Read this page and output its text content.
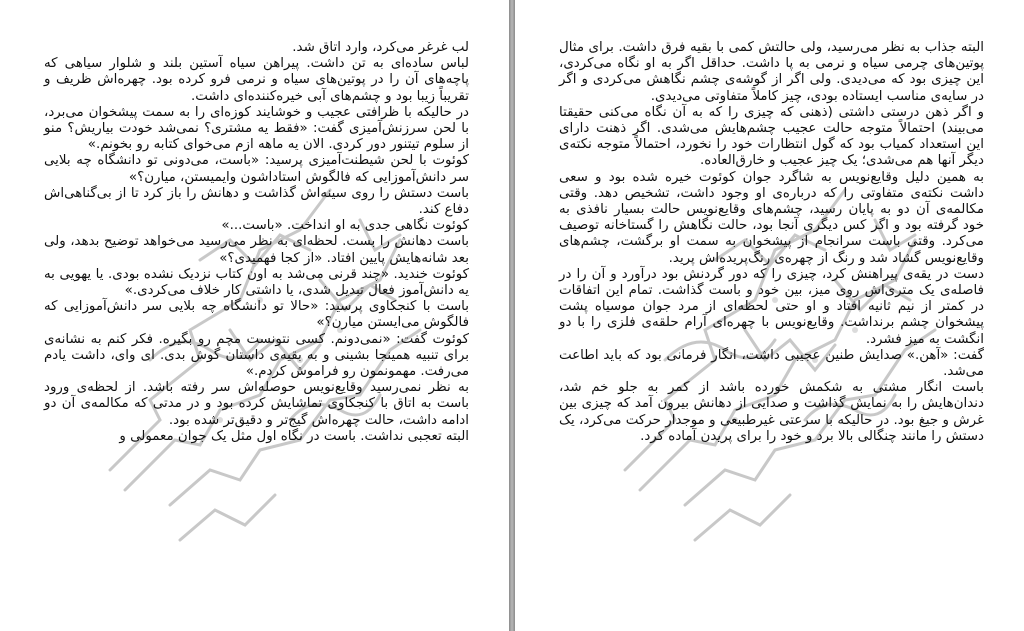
لب غرغر می‌کرد، وارد اتاق شد.

لباس ساده‌ای به تن داشت. پیراهن سیاه آستین بلند و شلوار سیاهی که پاچه‌های آن را در پوتین‌های سیاه و نرمی فرو کرده بود. چهره‌اش ظریف و تقریباً زیبا بود و چشم‌های آبی خیره‌کننده‌ای داشت.

در حالیکه با ظرافتی عجیب و خوشایند کوزه‌ای را به سمت پیشخوان می‌برد، با لحن سرزنش‌آمیزی گفت: «فقط یه مشتری؟ نمی‌شد خودت بیاریش؟ منو از سلوم تیتنور دور کردی. الان یه ماهه ازم می‌خوای کتابه رو بخونم.»

کوئوت با لحن شیطنت‌آمیزی پرسید: «باست، می‌دونی تو دانشگاه چه بلایی سر دانش‌آموزایی که فالگوش استاداشون وایمیستن، میارن؟»

باست دستش را روی سینه‌اش گذاشت و دهانش را باز کرد تا از بی‌گناهی‌اش دفاع کند.

کوئوت نگاهی جدی به او انداخت. «باست...»

باست دهانش را بست. لحظه‌ای به نظر می‌رسید می‌خواهد توضیح بدهد، ولی بعد شانه‌هایش پایین افتاد. «از کجا فهمیدی؟»

کوئوت خندید. «چند قرنی می‌شد به اون کتاب نزدیک نشده بودی. یا یهویی به یه دانش‌آموز فعال تبدیل شدی، یا داشتی کار خلاف می‌کردی.»

باست با کنجکاوی پرسید: «حالا تو دانشگاه چه بلایی سر دانش‌آموزایی که فالگوش می‌ایستن میارن؟»

کوئوت گفت: «نمی‌دونم. کسی نتونست مچم رو بگیره. فکر کنم به نشانه‌ی برای تنبیه همینجا بشینی و به بقیه‌ی داستان گوش بدی. ای وای، داشت یادم می‌رفت. مهمونمون رو فراموش کردم.»

به نظر نمی‌رسید وقایع‌نویس حوصله‌اش سر رفته باشد. از لحظه‌ی ورود باست به اتاق با کنجکاوی تماشایش کرده بود و در مدتی که مکالمه‌ی آن دو ادامه داشت، حالت چهره‌اش گیج‌تر و دقیق‌تر شده بود.

البته تعجبی نداشت. باست در نگاه اول مثل یک جوان معمولی و

البته جذاب به نظر می‌رسید، ولی حالتش کمی با بقیه فرق داشت. برای مثال پوتین‌های چرمی سیاه و نرمی به پا داشت. حداقل اگر به او نگاه می‌کردی، این چیزی بود که می‌دیدی. ولی اگر از گوشه‌ی چشم نگاهش می‌کردی و اگر در سایه‌ی مناسب ایستاده بودی، چیز کاملاً متفاوتی می‌دیدی.

و اگر ذهن درستی داشتی (ذهنی که چیزی را که به آن نگاه می‌کنی حقیقتا می‌بیند) احتمالاً متوجه حالت عجیب چشم‌هایش می‌شدی. اگر ذهنت دارای این استعداد کمیاب بود که گول انتظارات خود را نخورد، احتمالاً متوجه نکته‌ی دیگر آنها هم می‌شدی؛ یک چیز عجیب و خارق‌العاده.

به همین دلیل وقایع‌نویس به شاگرد جوان کوئوت خیره شده بود و سعی داشت نکته‌ی متفاوتی را که درباره‌ی او وجود داشت، تشخیص دهد. وقتی مکالمه‌ی آن دو به پایان رسید، چشم‌های وقایع‌نویس حالت بسیار نافذی به خود گرفته بود و اگر کس دیگری آنجا بود، حالت نگاهش را گستاخانه توصیف می‌کرد. وقتی باست سرانجام از پیشخوان به سمت او برگشت، چشم‌های وقایع‌نویس گشاد شد و رنگ از چهره‌ی رنگ‌پریده‌اش پرید.

دست در یقه‌ی پیراهنش کرد، چیزی را که دور گردنش بود درآورد و آن را در فاصله‌ی یک متری‌اش روی میز، بین خود و باست گذاشت. تمام این اتفاقات در کمتر از نیم ثانیه افتاد و او حتی لحظه‌ای از مرد جوان مو‌سیاه پشت پیشخوان چشم برنداشت. وقایع‌نویس با چهره‌ای آرام حلقه‌ی فلزی را با دو انگشت به میز فشرد.

گفت: «آهن.» صدایش طنین عجیبی داشت، انگار فرمانی بود که باید اطاعت می‌شد.

باست انگار مشتی به شکمش خورده باشد از کمر به جلو خم شد، دندان‌هایش را به نمایش گذاشت و صدایی از دهانش بیرون آمد که چیزی بین غرش و جیغ بود. در حالیکه با سرعتی غیرطبیعی و موجدار حرکت می‌کرد، یک دستش را مانند چنگالی بالا برد و خود را برای پریدن آماده کرد.
